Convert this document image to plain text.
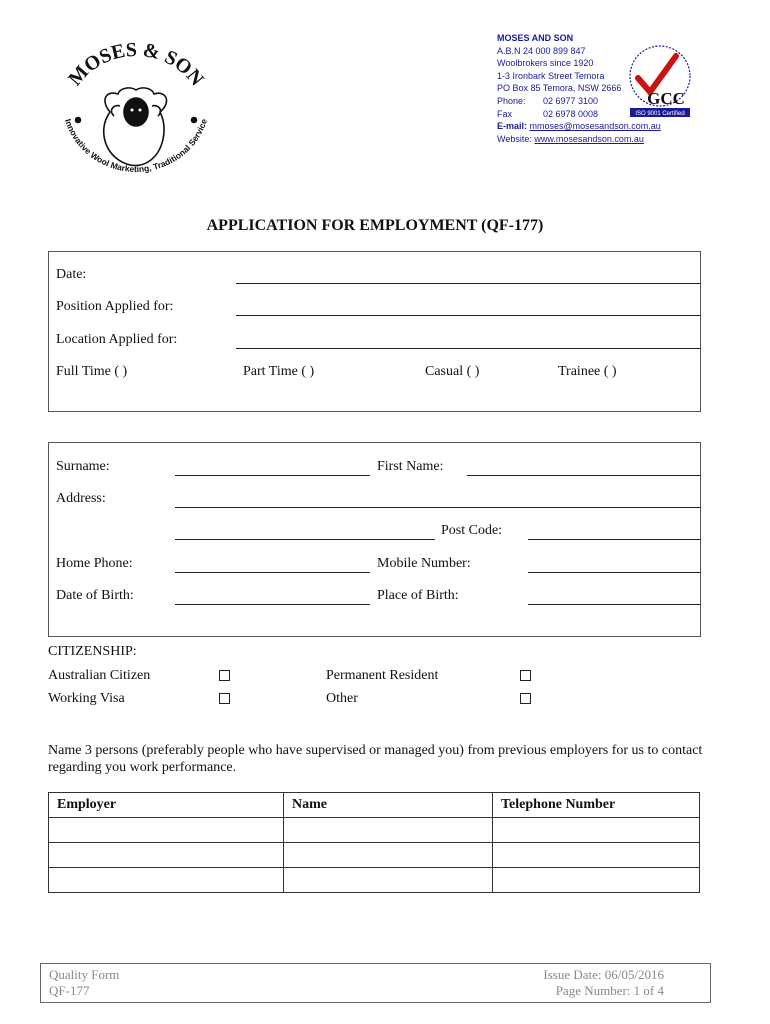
MOSES & SON
Innovative Wool Marketing, Traditional Service
MOSES AND SON
A.B.N 24 000 899 847
Woolbrokers since 1920
1-3 Ironbark Street Temora
PO Box 85 Temora, NSW 2666
Phone: 02 6977 3100
Fax	02 6978 0008
E-mail: mmoses@mosesandson.com.au
Website: www.mosesandson.com.au
GCC
ISO 9001 Certified
APPLICATION FOR EMPLOYMENT (QF-177)
Date:
Position Applied for:
Location Applied for:
Full Time ( )	Part Time ( )	Casual ( )	Trainee ( )
Surname:	First Name:
Address:
Post Code:
Home Phone:	Mobile Number:
Date of Birth:	Place of Birth:
CITIZENSHIP:
Australian Citizen	Permanent Resident
Working Visa	Other
Name 3 persons (preferably people who have supervised or managed you) from previous employers for us to contact regarding you work performance.
Employer	Name	Telephone Number

Quality Form
QF-177
Issue Date: 06/05/2016
Page Number: 1 of 4
